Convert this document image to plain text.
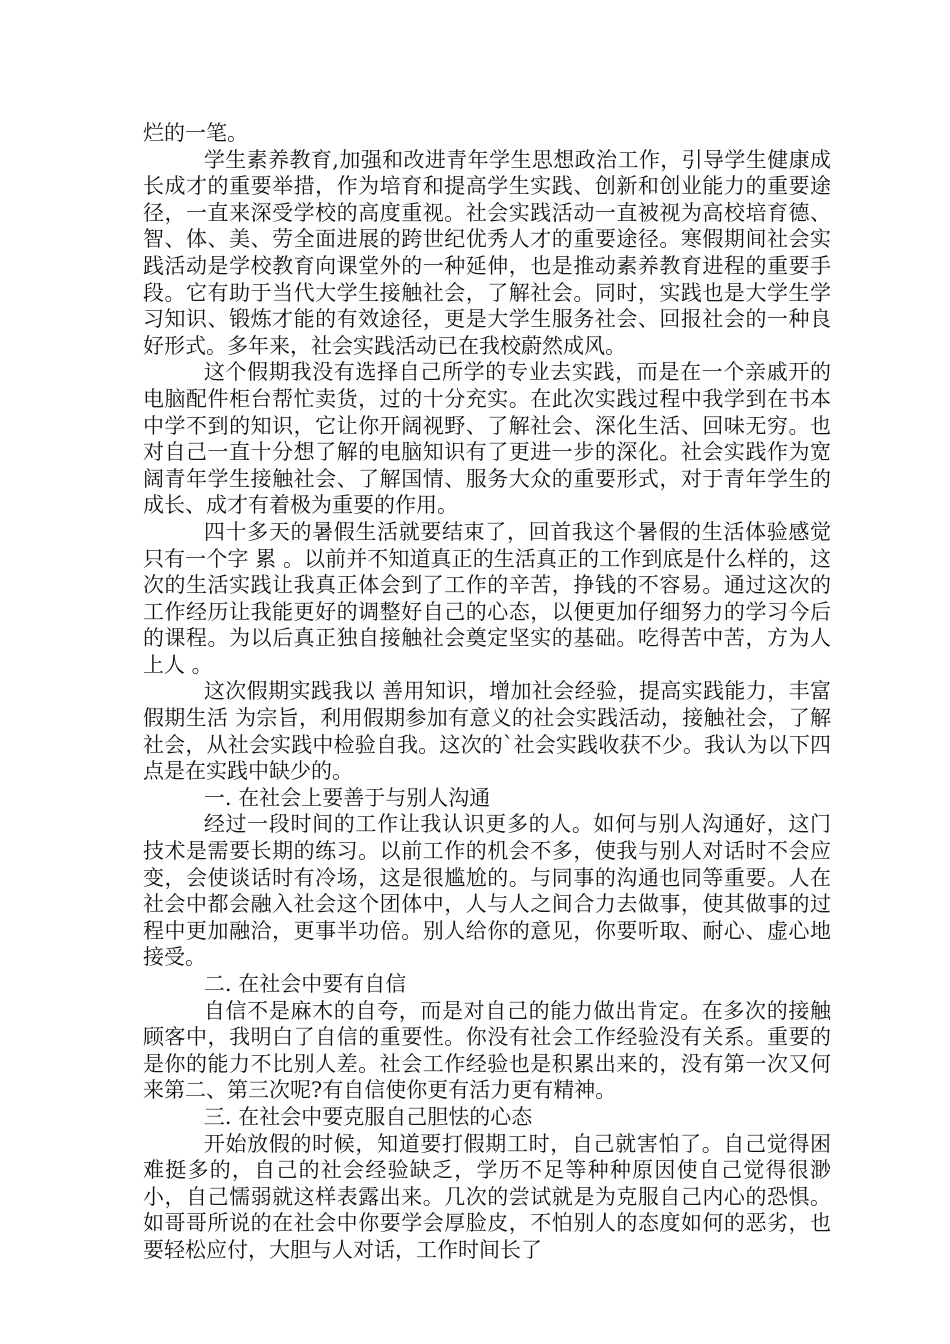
烂的一笔。

学生素养教育,加强和改进青年学生思想政治工作，引导学生健康成长成才的重要举措，作为培育和提高学生实践、创新和创业能力的重要途径，一直来深受学校的高度重视。社会实践活动一直被视为高校培育德、智、体、美、劳全面进展的跨世纪优秀人才的重要途径。寒假期间社会实践活动是学校教育向课堂外的一种延伸，也是推动素养教育进程的重要手段。它有助于当代大学生接触社会，了解社会。同时，实践也是大学生学习知识、锻炼才能的有效途径，更是大学生服务社会、回报社会的一种良好形式。多年来，社会实践活动已在我校蔚然成风。

这个假期我没有选择自己所学的专业去实践，而是在一个亲戚开的电脑配件柜台帮忙卖货，过的十分充实。在此次实践过程中我学到在书本中学不到的知识，它让你开阔视野、了解社会、深化生活、回味无穷。也对自己一直十分想了解的电脑知识有了更进一步的深化。社会实践作为宽阔青年学生接触社会、了解国情、服务大众的重要形式，对于青年学生的成长、成才有着极为重要的作用。

四十多天的暑假生活就要结束了，回首我这个暑假的生活体验感觉只有一个字 累 。以前并不知道真正的生活真正的工作到底是什么样的，这次的生活实践让我真正体会到了工作的辛苦，挣钱的不容易。通过这次的工作经历让我能更好的调整好自己的心态，以便更加仔细努力的学习今后的课程。为以后真正独自接触社会奠定坚实的基础。吃得苦中苦，方为人上人 。

这次假期实践我以 善用知识，增加社会经验，提高实践能力，丰富假期生活 为宗旨，利用假期参加有意义的社会实践活动，接触社会，了解社会，从社会实践中检验自我。这次的`社会实践收获不少。我认为以下四点是在实践中缺少的。

一. 在社会上要善于与别人沟通

经过一段时间的工作让我认识更多的人。如何与别人沟通好，这门技术是需要长期的练习。以前工作的机会不多，使我与别人对话时不会应变，会使谈话时有冷场，这是很尴尬的。与同事的沟通也同等重要。人在社会中都会融入社会这个团体中，人与人之间合力去做事，使其做事的过程中更加融洽，更事半功倍。别人给你的意见，你要听取、耐心、虚心地接受。

二. 在社会中要有自信

自信不是麻木的自夸，而是对自己的能力做出肯定。在多次的接触顾客中，我明白了自信的重要性。你没有社会工作经验没有关系。重要的是你的能力不比别人差。社会工作经验也是积累出来的，没有第一次又何来第二、第三次呢?有自信使你更有活力更有精神。

三. 在社会中要克服自己胆怯的心态

开始放假的时候，知道要打假期工时，自己就害怕了。自己觉得困难挺多的，自己的社会经验缺乏，学历不足等种种原因使自己觉得很渺小，自己懦弱就这样表露出来。几次的尝试就是为克服自己内心的恐惧。如哥哥所说的在社会中你要学会厚脸皮，不怕别人的态度如何的恶劣，也要轻松应付，大胆与人对话，工作时间长了
